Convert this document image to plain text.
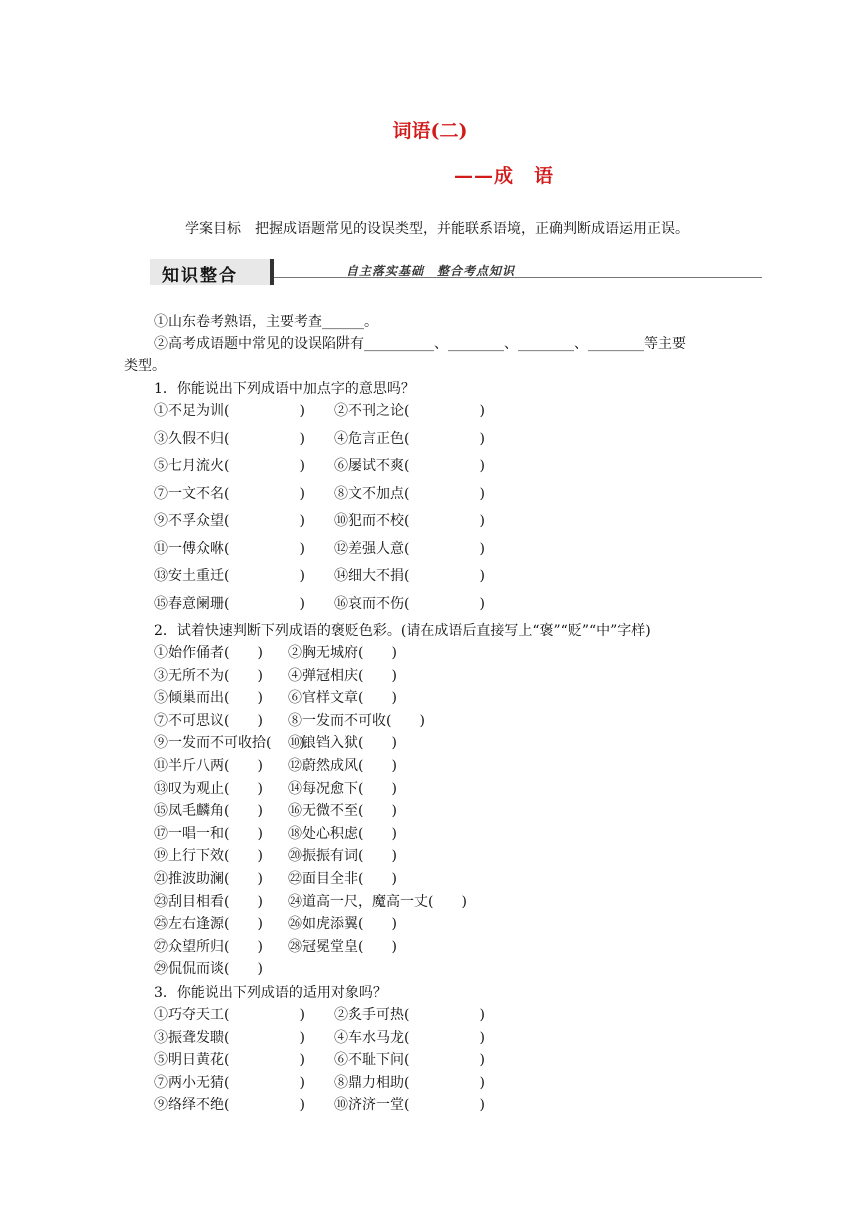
词语(二)
——成　语
学案目标　把握成语题常见的设误类型，并能联系语境，正确判断成语运用正误。
知识整合	自主落实基础　整合考点知识
①山东卷考熟语，主要考查______。
②高考成语题中常见的设误陷阱有__________、________、________、________等主要
类型。
1．你能说出下列成语中加点字的意思吗？
①不足为训(　　　　　) ②不刊之论(　　　　　)
③久假不归(　　　　　) ④危言正色(　　　　　)
⑤七月流火(　　　　　) ⑥屡试不爽(　　　　　)
⑦一文不名(　　　　　) ⑧文不加点(　　　　　)
⑨不孚众望(　　　　　) ⑩犯而不校(　　　　　)
⑪一傅众咻(　　　　　) ⑫差强人意(　　　　　)
⑬安土重迁(　　　　　) ⑭细大不捐(　　　　　)
⑮春意阑珊(　　　　　) ⑯哀而不伤(　　　　　)
2．试着快速判断下列成语的褒贬色彩。(请在成语后直接写上“褒”“贬”“中”字样)
①始作俑者(　　) ②胸无城府(　　)
③无所不为(　　) ④弹冠相庆(　　)
⑤倾巢而出(　　) ⑥官样文章(　　)
⑦不可思议(　　) ⑧一发而不可收(　　)
⑨一发而不可收拾(　　)
⑩锒铛入狱(　　)
⑪半斤八两(　　) ⑫蔚然成风(　　)
⑬叹为观止(　　) ⑭每况愈下(　　)
⑮凤毛麟角(　　) ⑯无微不至(　　)
⑰一唱一和(　　) ⑱处心积虑(　　)
⑲上行下效(　　) ⑳振振有词(　　)
㉑推波助澜(　　) ㉒面目全非(　　)
㉓刮目相看(　　) ㉔道高一尺，魔高一丈(　　)
㉕左右逢源(　　) ㉖如虎添翼(　　)
㉗众望所归(　　) ㉘冠冕堂皇(　　)
㉙侃侃而谈(　　)
3．你能说出下列成语的适用对象吗？
①巧夺天工(　　　　　) ②炙手可热(　　　　　)
③振聋发聩(　　　　　) ④车水马龙(　　　　　)
⑤明日黄花(　　　　　) ⑥不耻下问(　　　　　)
⑦两小无猜(　　　　　) ⑧鼎力相助(　　　　　)
⑨络绎不绝(　　　　　) ⑩济济一堂(　　　　　)
